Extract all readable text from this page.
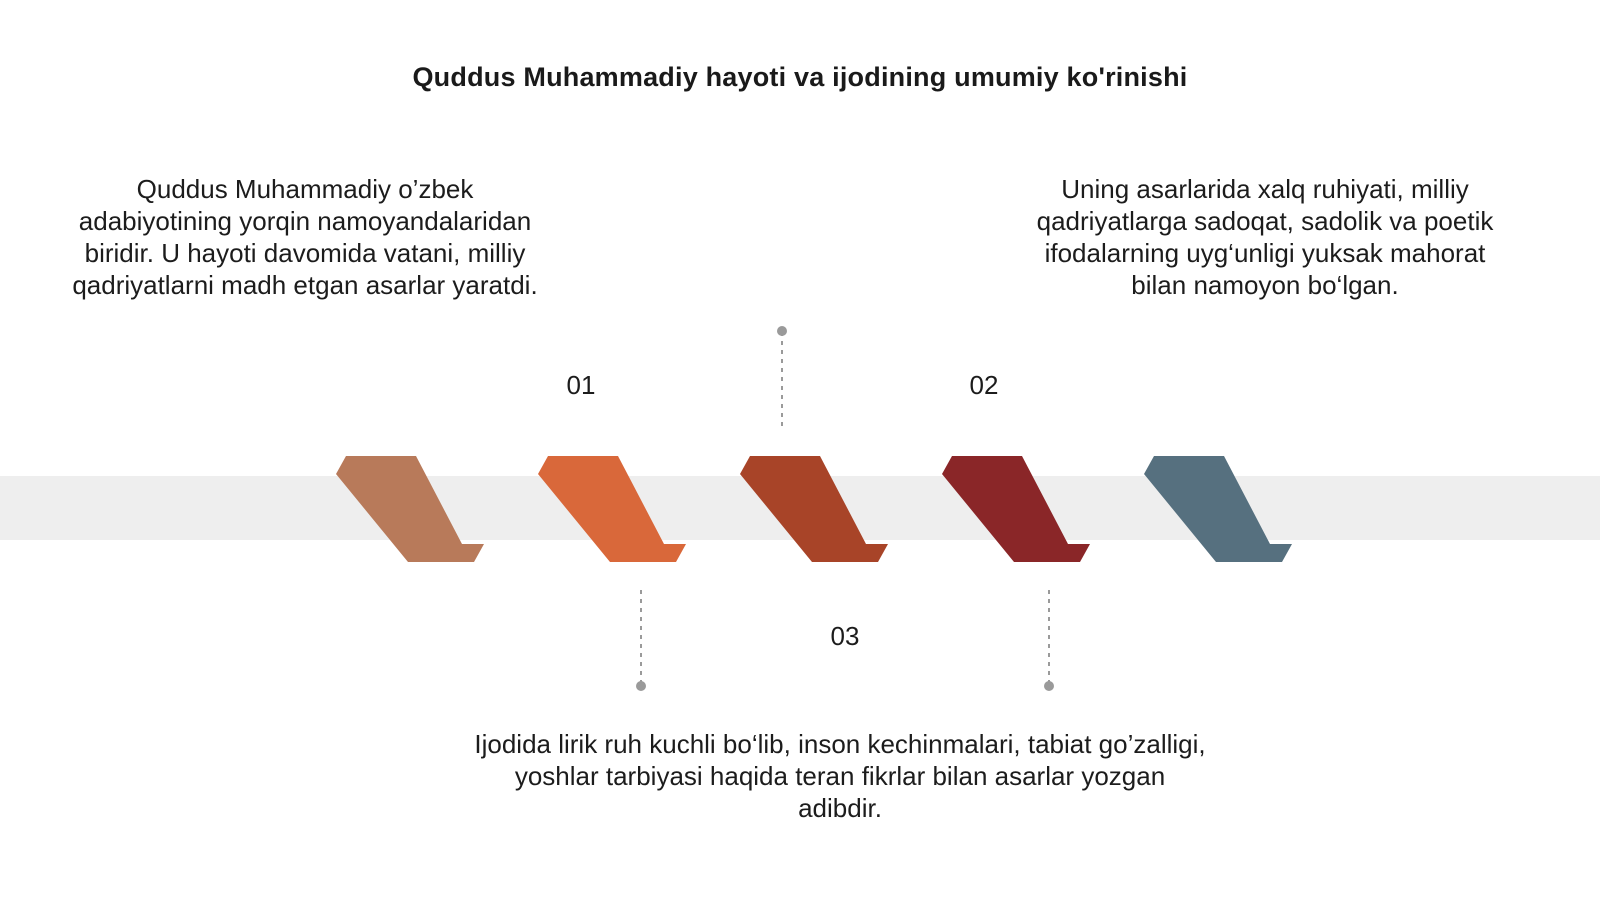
Quddus Muhammadiy hayoti va ijodining umumiy ko'rinishi
Quddus Muhammadiy o’zbek adabiyotining yorqin namoyandalaridan biridir. U hayoti davomida vatani, milliy qadriyatlarni madh etgan asarlar yaratdi.
Uning asarlarida xalq ruhiyati, milliy qadriyatlarga sadoqat, sadolik va poetik ifodalarning uyg‘unligi yuksak mahorat bilan namoyon bo‘lgan.
Ijodida lirik ruh kuchli bo‘lib, inson kechinmalari, tabiat go’zalligi, yoshlar tarbiyasi haqida teran fikrlar bilan asarlar yozgan adibdir.
01	02
03
